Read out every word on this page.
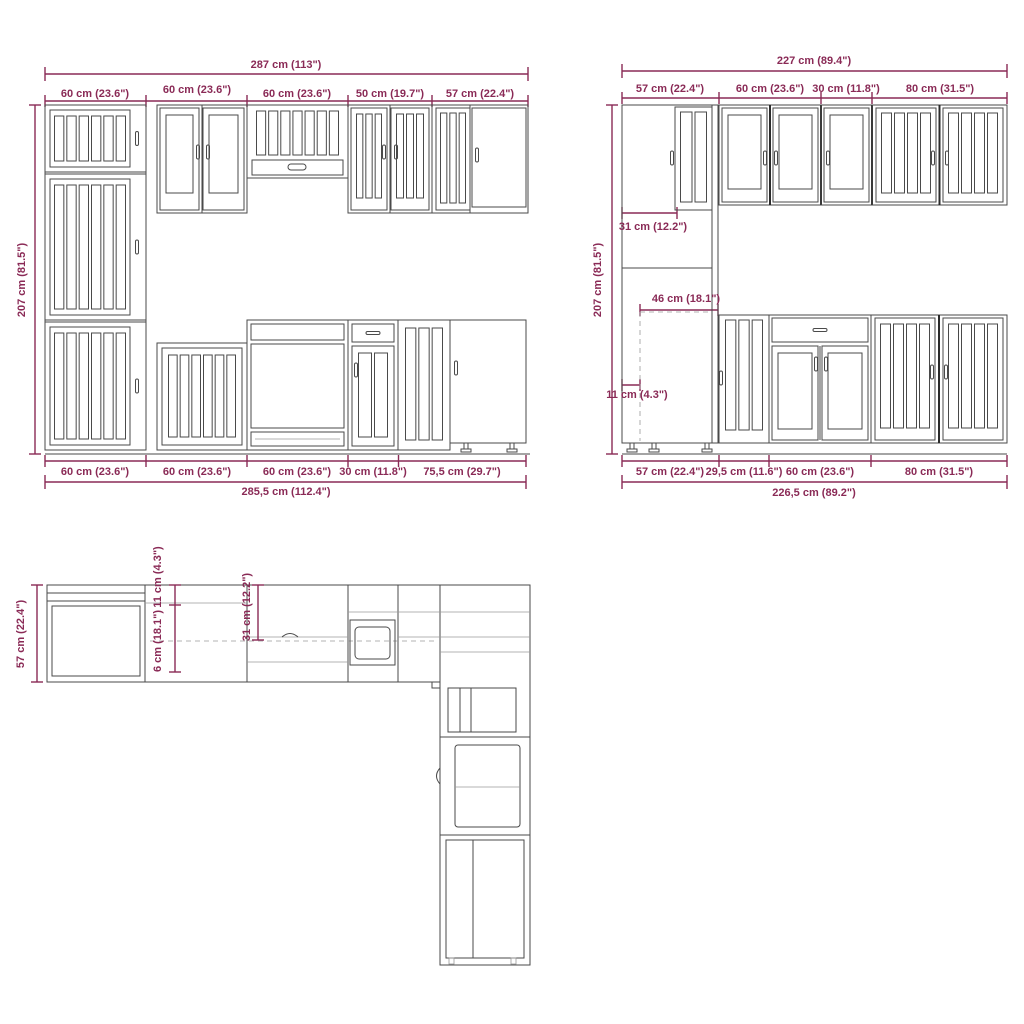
287 cm (113")
60 cm (23.6")	60 cm (23.6")	60 cm (23.6") 50 cm (19.7") 57 cm (22.4")
207 cm (81.5")
60 cm (23.6")	60 cm (23.6")	60 cm (23.6") 30 cm (11.8") 75,5 cm (29.7")
285,5 cm (112.4")
227 cm (89.4")
57 cm (22.4")	60 cm (23.6") 30 cm (11.8") 80 cm (31.5")
207 cm (81.5")
31 cm (12.2")
46 cm (18.1")
11 cm (4.3")
57 cm (22.4") 29,5 cm (11.6") 60 cm (23.6")	80 cm (31.5")
226,5 cm (89.2")
57 cm (22.4")
11 cm (4.3")
6 cm (18.1")	31 cm (12.2")
